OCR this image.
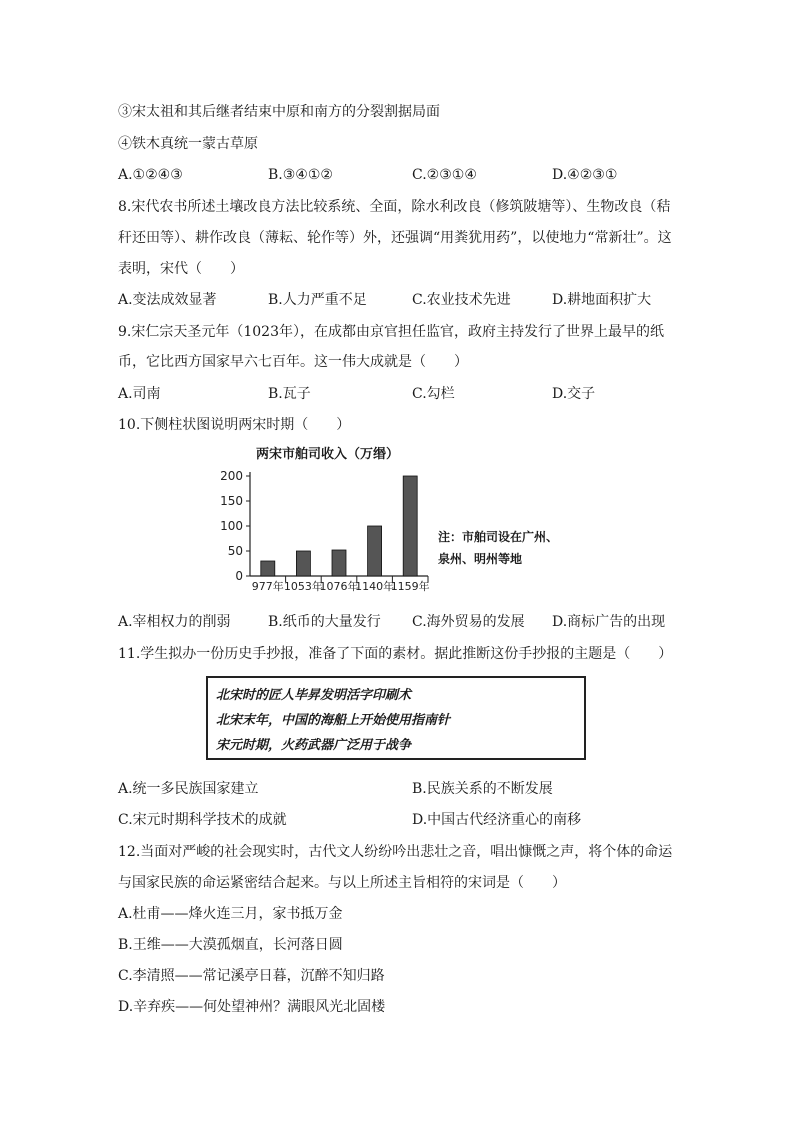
③宋太祖和其后继者结束中原和南方的分裂割据局面
④铁木真统一蒙古草原
A.①②④③	B.③④①②	C.②③①④	D.④②③①
8.宋代农书所述土壤改良方法比较系统、全面，除水利改良（修筑陂塘等）、生物改良（秸
秆还田等）、耕作改良（薄耘、轮作等）外，还强调“用粪犹用药”，以使地力“常新壮”。这
表明，宋代（　　）
A.变法成效显著	B.人力严重不足	C.农业技术先进	D.耕地面积扩大
9.宋仁宗天圣元年（1023年），在成都由京官担任监官，政府主持发行了世界上最早的纸
币，它比西方国家早六七百年。这一伟大成就是（　　）
A.司南	B.瓦子	C.勾栏	D.交子
10.下侧柱状图说明两宋时期（　　）
两宋市舶司收入（万缗）
200
150
100
50
0
977年 1053年
1076年
1140年
1159年
注：市舶司设在广州、
泉州、明州等地
A.宰相权力的削弱	B.纸币的大量发行 C.海外贸易的发展 D.商标广告的出现
11.学生拟办一份历史手抄报，准备了下面的素材。据此推断这份手抄报的主题是（　　）
北宋时的匠人毕昇发明活字印刷术
北宋末年，中国的海船上开始使用指南针
宋元时期，火药武器广泛用于战争
A.统一多民族国家建立	B.民族关系的不断发展
C.宋元时期科学技术的成就	D.中国古代经济重心的南移
12.当面对严峻的社会现实时，古代文人纷纷吟出悲壮之音，唱出慷慨之声，将个体的命运
与国家民族的命运紧密结合起来。与以上所述主旨相符的宋词是（　　）
A.杜甫——烽火连三月，家书抵万金
B.王维——大漠孤烟直，长河落日圆
C.李清照——常记溪亭日暮，沉醉不知归路
D.辛弃疾——何处望神州？满眼风光北固楼
